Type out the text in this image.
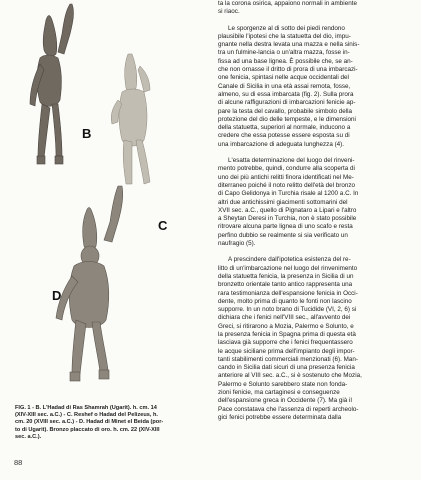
B
C
D
FIG. 1 - B. L'Hadad di Ras Shamrah (Ugarit). h. cm. 14
(XIV-XIII sec. a.C.) - C. Reshef o Hadad del Pelizeus, h.
cm. 20 (XVIII sec. a.C.) - D. Hadad di Minet el Beida (por-
to di Ugarit). Bronzo placcato di oro. h. cm. 22 (XIV-XIII
sec. a.C.).
88

ta la corona osirica, appaiono normali in ambiente

si riaoc.

Le sporgenze al di sotto dei piedi rendono

plausibile l'ipotesi che la statuetta del dio, impu-

gnante nella destra levata una mazza e nella sinis-

tra un fulmine-lancia o un'altra mazza, fosse in-

fissa ad una base lignea. È possibile che, se an-

che non ornasse il dritto di prora di una imbarcazi-

one fenicia, spintasi nelle acque occidentali del

Canale di Sicilia in una età assai remota, fosse,

almeno, su di essa imbarcata (fig. 2). Sulla prora

di alcune raffigurazioni di imbarcazioni fenicie ap-

pare la testa del cavallo, probabile simbolo della

protezione del dio delle tempeste, e le dimensioni

della statuetta, superiori al normale, inducono a

credere che essa potesse essere esposta su di

una imbarcazione di adeguata lunghezza (4).

L'esatta determinazione del luogo del rinveni-

mento potrebbe, quindi, condurre alla scoperta di

uno dei più antichi relitti finora identificati nel Me-

diterraneo poiché il noto relitto dell'età del bronzo

di Capo Gelidonya in Turchia risale al 1200 a.C. In

altri due antichissimi giacimenti sottomarini del

XVII sec. a.C., quello di Pignataro a Lipari e l'altro

a Sheytan Deresi in Turchia, non è stato possibile

ritrovare alcuna parte lignea di uno scafo e resta

perfino dubbio se realmente si sia verificato un

naufragio (5).

A prescindere dall'ipotetica esistenza del re-

litto di un'imbarcazione nel luogo del rinvenimento

della statuetta fenicia, la presenza in Sicilia di un

bronzetto orientale tanto antico rappresenta una

rara testimonianza dell'espansione fenicia in Occi-

dente, molto prima di quanto le fonti non lascino

supporre. In un noto brano di Tucidide (VI, 2, 6) si

dichiara che i fenici nell'VIII sec., all'avvento dei

Greci, si ritirarono a Mozia, Palermo e Solunto, e

la presenza fenicia in Spagna prima di questa età

lasciava già supporre che i fenici frequentassero

le acque siciliane prima dell'impianto degli impor-

tanti stabilimenti commerciali menzionati (6). Man-

cando in Sicilia dati sicuri di una presenza fenicia

anteriore al VIII sec. a.C., si è sostenuto che Mozia,

Palermo e Solunto sarebbero state non fonda-

zioni fenicie, ma cartaginesi e conseguenze

dell'espansione greca in Occidente (7). Ma già il

Pace constatava che l'assenza di reperti archeolo-

gici fenici potrebbe essere determinata dalla
